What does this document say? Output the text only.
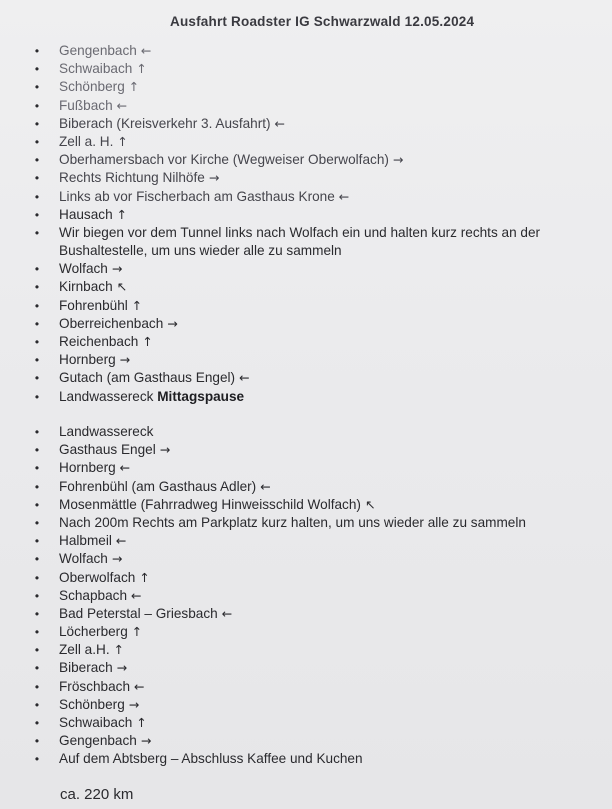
Ausfahrt Roadster IG Schwarzwald 12.05.2024
• Gengenbach ←
• Schwaibach ↑
• Schönberg ↑
• Fußbach ←
• Biberach (Kreisverkehr 3. Ausfahrt) ←
• Zell a. H. ↑
• Oberhamersbach vor Kirche (Wegweiser Oberwolfach) →
• Rechts Richtung Nilhöfe →
• Links ab vor Fischerbach am Gasthaus Krone ←
• Hausach ↑
• Wir biegen vor dem Tunnel links nach Wolfach ein und halten kurz rechts an der Bushaltestelle, um uns wieder alle zu sammeln
• Wolfach →
• Kirnbach ↖
• Fohrenbühl ↑
• Oberreichenbach →
• Reichenbach ↑
• Hornberg →
• Gutach (am Gasthaus Engel) ←
• Landwassereck Mittagspause
• Landwassereck
• Gasthaus Engel →
• Hornberg ←
• Fohrenbühl (am Gasthaus Adler) ←
• Mosenmättle (Fahrradweg Hinweisschild Wolfach) ↖
• Nach 200m Rechts am Parkplatz kurz halten, um uns wieder alle zu sammeln
• Halbmeil ←
• Wolfach →
• Oberwolfach ↑
• Schapbach ←
• Bad Peterstal – Griesbach ←
• Löcherberg ↑
• Zell a.H. ↑
• Biberach →
• Fröschbach ←
• Schönberg →
• Schwaibach ↑
• Gengenbach →
• Auf dem Abtsberg – Abschluss Kaffee und Kuchen
ca. 220 km
